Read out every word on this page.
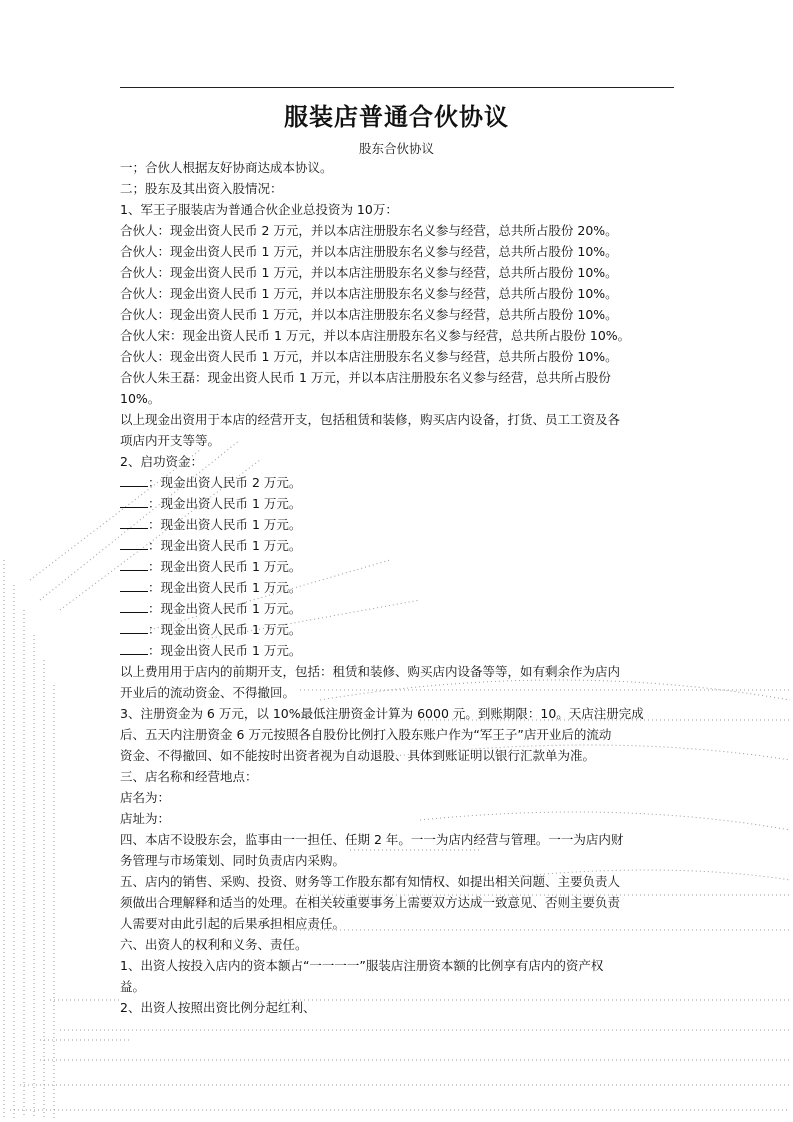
服装店普通合伙协议
股东合伙协议
一；合伙人根据友好协商达成本协议。
二；股东及其出资入股情况：
1、军王子服装店为普通合伙企业总投资为 10万：
合伙人：现金出资人民币 2 万元，并以本店注册股东名义参与经营，总共所占股份 20%。
合伙人：现金出资人民币 1 万元，并以本店注册股东名义参与经营，总共所占股份 10%。
合伙人：现金出资人民币 1 万元，并以本店注册股东名义参与经营，总共所占股份 10%。
合伙人：现金出资人民币 1 万元，并以本店注册股东名义参与经营，总共所占股份 10%。
合伙人：现金出资人民币 1 万元，并以本店注册股东名义参与经营，总共所占股份 10%。
合伙人宋：现金出资人民币 1 万元，并以本店注册股东名义参与经营，总共所占股份 10%。
合伙人：现金出资人民币 1 万元，并以本店注册股东名义参与经营，总共所占股份 10%。
合伙人朱王磊：现金出资人民币 1 万元，并以本店注册股东名义参与经营，总共所占股份
10%。
以上现金出资用于本店的经营开支，包括租赁和装修，购买店内设备，打货、员工工资及各
项店内开支等等。
2、启功资金：
：现金出资人民币 2 万元。
：现金出资人民币 1 万元。
：现金出资人民币 1 万元。
：现金出资人民币 1 万元。
：现金出资人民币 1 万元。
：现金出资人民币 1 万元。
：现金出资人民币 1 万元。
：现金出资人民币 1 万元。
：现金出资人民币 1 万元。
以上费用用于店内的前期开支，包括：租赁和装修、购买店内设备等等，如有剩余作为店内
开业后的流动资金、不得撤回。
3、注册资金为 6 万元，以 10%最低注册资金计算为 6000 元。到账期限：10。天店注册完成
后、五天内注册资金 6 万元按照各自股份比例打入股东账户作为“军王子”店开业后的流动
资金、不得撤回、如不能按时出资者视为自动退股、具体到账证明以银行汇款单为准。
三、店名称和经营地点：
店名为：
店址为：
四、本店不设股东会，监事由一一担任、任期 2 年。一一为店内经营与管理。一一为店内财
务管理与市场策划、同时负责店内采购。
五、店内的销售、采购、投资、财务等工作股东都有知情权、如提出相关问题、主要负责人
须做出合理解释和适当的处理。在相关较重要事务上需要双方达成一致意见、否则主要负责
人需要对由此引起的后果承担相应责任。
六、出资人的权利和义务、责任。
1、出资人按投入店内的资本额占“一一一一”服装店注册资本额的比例享有店内的资产权
益。
2、出资人按照出资比例分起红利、
